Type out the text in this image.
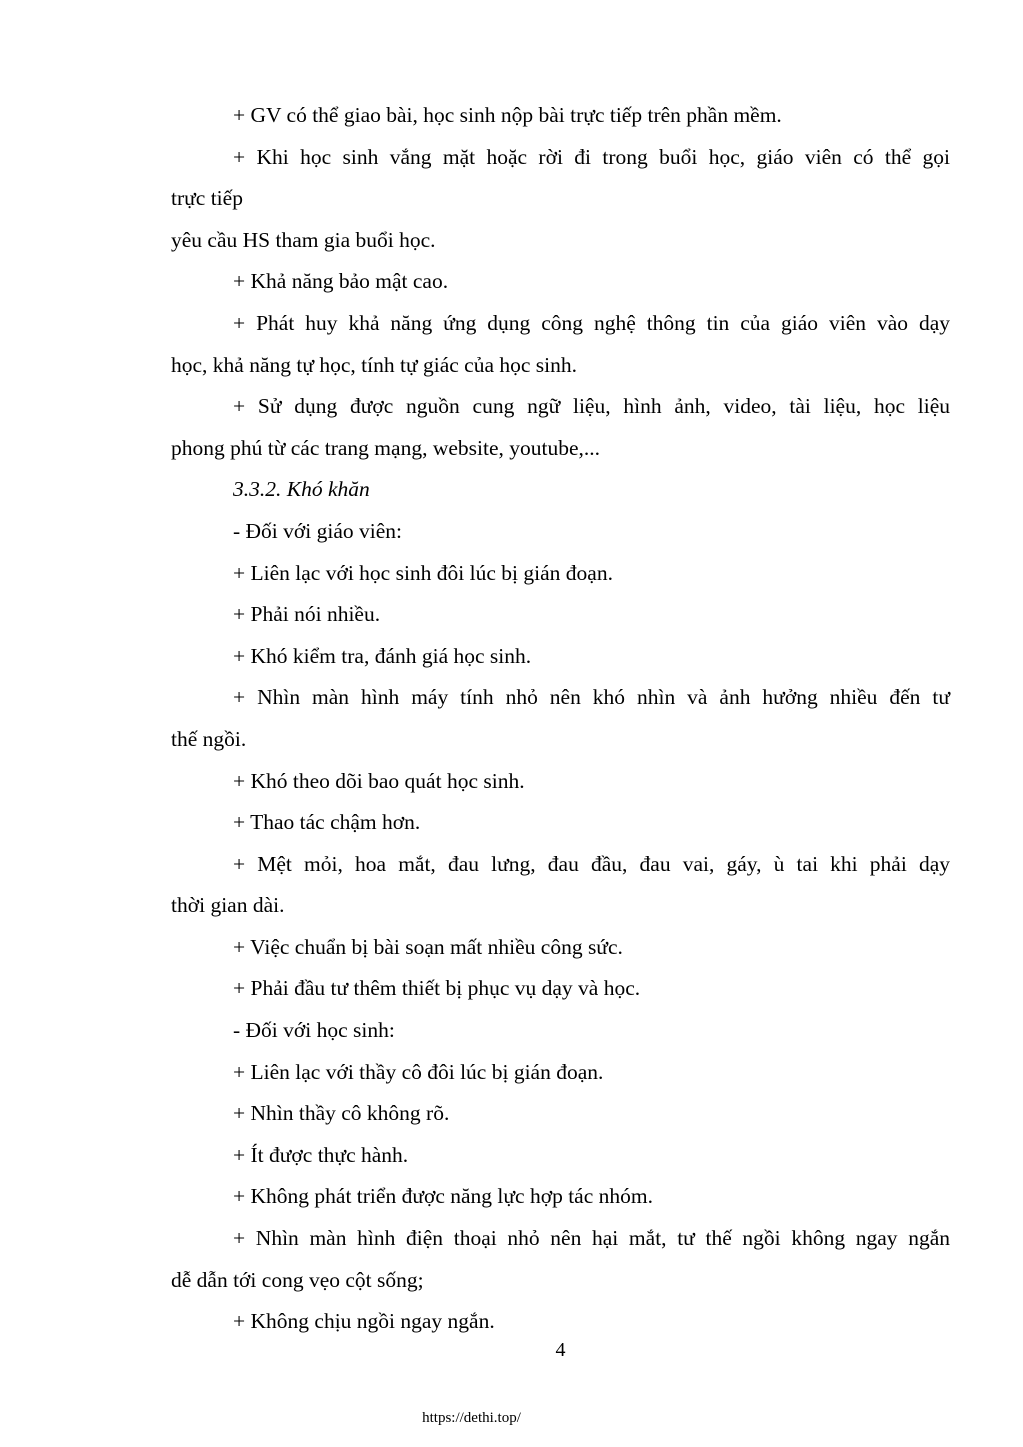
+ GV có thể giao bài, học sinh nộp bài trực tiếp trên phần mềm.

+ Khi học sinh vắng mặt hoặc rời đi trong buổi học, giáo viên có thể gọi

trực tiếp

yêu cầu HS tham gia buổi học.

+ Khả năng bảo mật cao.

+ Phát huy khả năng ứng dụng công nghệ thông tin của giáo viên vào dạy

học, khả năng tự học, tính tự giác của học sinh.

+ Sử dụng được nguồn cung ngữ liệu, hình ảnh, video, tài liệu, học liệu

phong phú từ các trang mạng, website, youtube,...

3.3.2. Khó khăn

- Đối với giáo viên:

+ Liên lạc với học sinh đôi lúc bị gián đoạn.

+ Phải nói nhiều.

+ Khó kiểm tra, đánh giá học sinh.

+ Nhìn màn hình máy tính nhỏ nên khó nhìn và ảnh hưởng nhiều đến tư

thế ngồi.

+ Khó theo dõi bao quát học sinh.

+ Thao tác chậm hơn.

+ Mệt mỏi, hoa mắt, đau lưng, đau đầu, đau vai, gáy, ù tai khi phải dạy

thời gian dài.

+ Việc chuẩn bị bài soạn mất nhiều công sức.

+ Phải đầu tư thêm thiết bị phục vụ dạy và học.

- Đối với học sinh:

+ Liên lạc với thầy cô đôi lúc bị gián đoạn.

+ Nhìn thầy cô không rõ.

+ Ít được thực hành.

+ Không phát triển được năng lực hợp tác nhóm.

+ Nhìn màn hình điện thoại nhỏ nên hại mắt, tư thế ngồi không ngay ngắn

dễ dẫn tới cong vẹo cột sống;

+ Không chịu ngồi ngay ngắn.

4
https://dethi.top/
